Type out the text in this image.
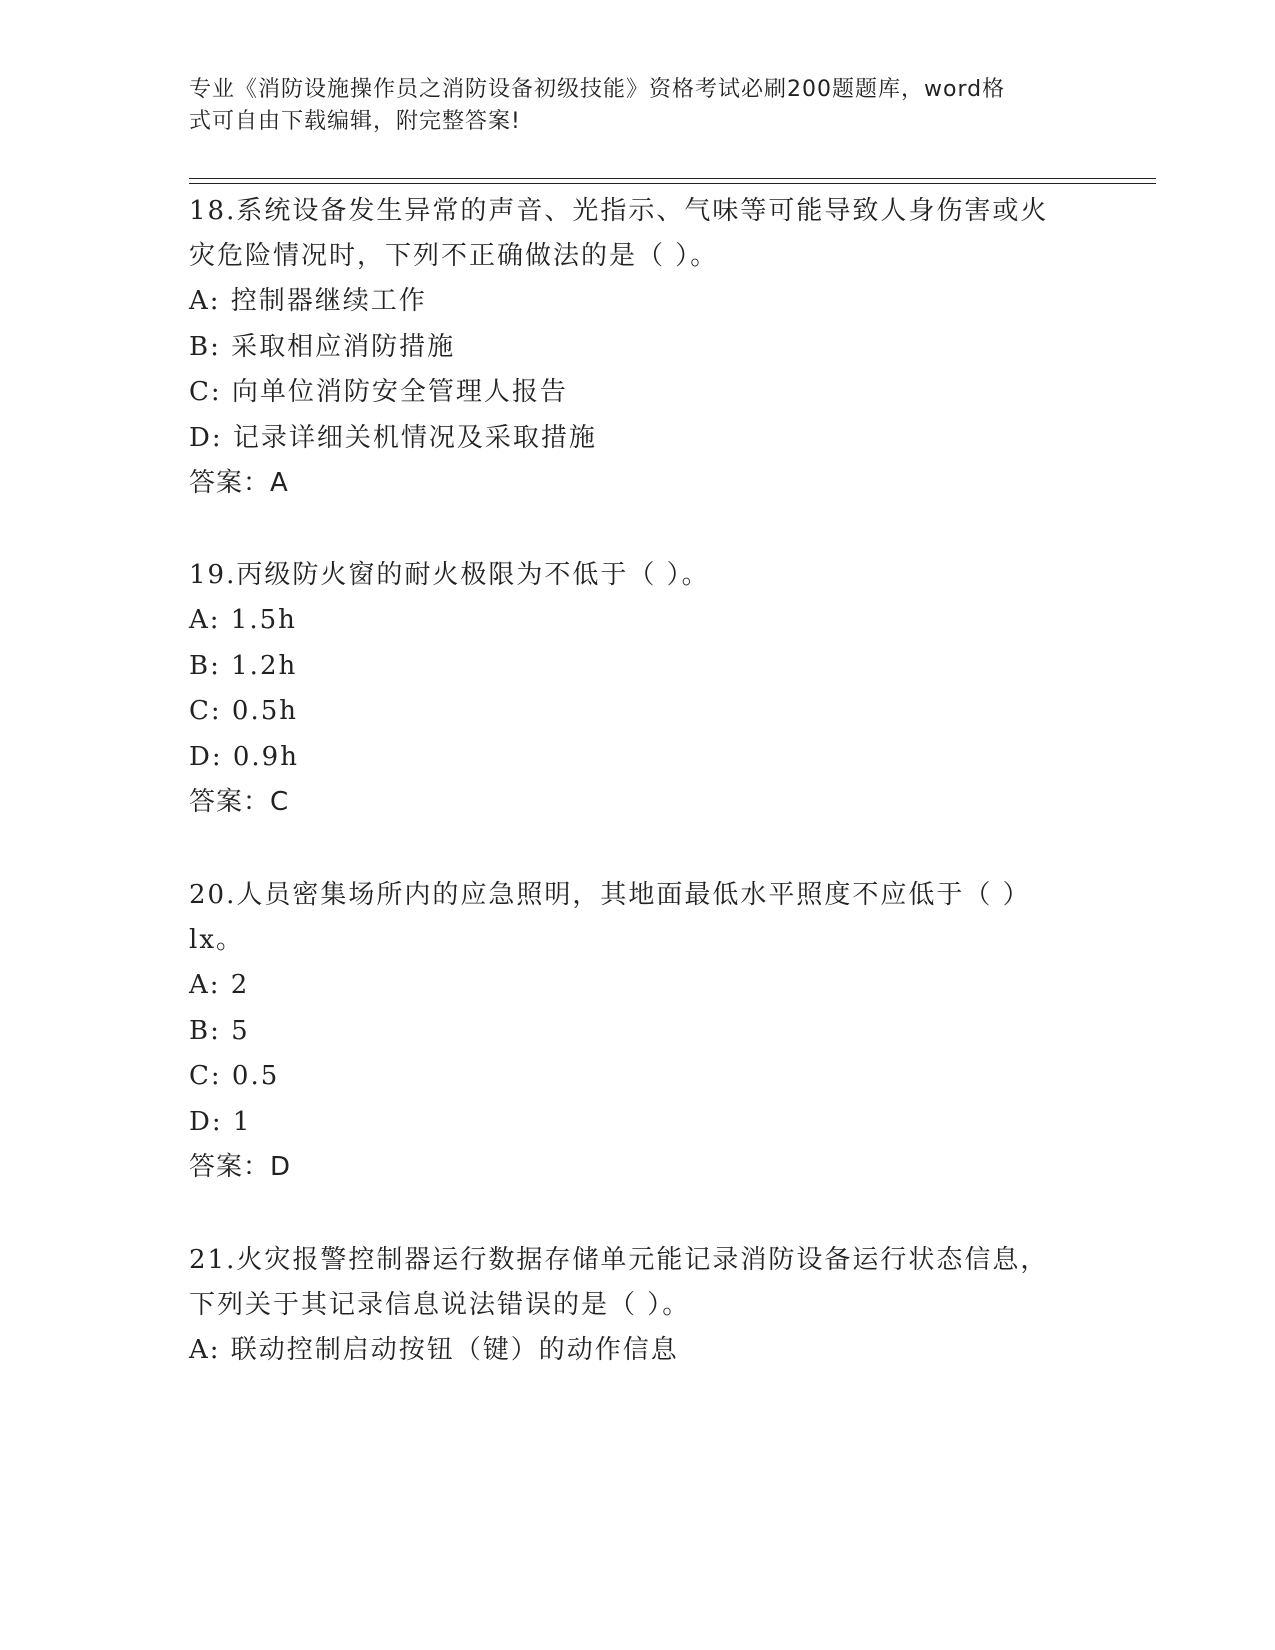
专业《消防设施操作员之消防设备初级技能》资格考试必刷200题题库，word格
式可自由下载编辑，附完整答案!
18.系统设备发生异常的声音、光指示、气味等可能导致人身伤害或火
灾危险情况时，下列不正确做法的是（ ）。
A: 控制器继续工作
B: 采取相应消防措施
C: 向单位消防安全管理人报告
D: 记录详细关机情况及采取措施
答案：A
19.丙级防火窗的耐火极限为不低于（ ）。
A: 1.5h
B: 1.2h
C: 0.5h
D: 0.9h
答案：C
20.人员密集场所内的应急照明，其地面最低水平照度不应低于（ ）
lx。
A: 2
B: 5
C: 0.5
D: 1
答案：D
21.火灾报警控制器运行数据存储单元能记录消防设备运行状态信息，
下列关于其记录信息说法错误的是（ ）。
A: 联动控制启动按钮（键）的动作信息
